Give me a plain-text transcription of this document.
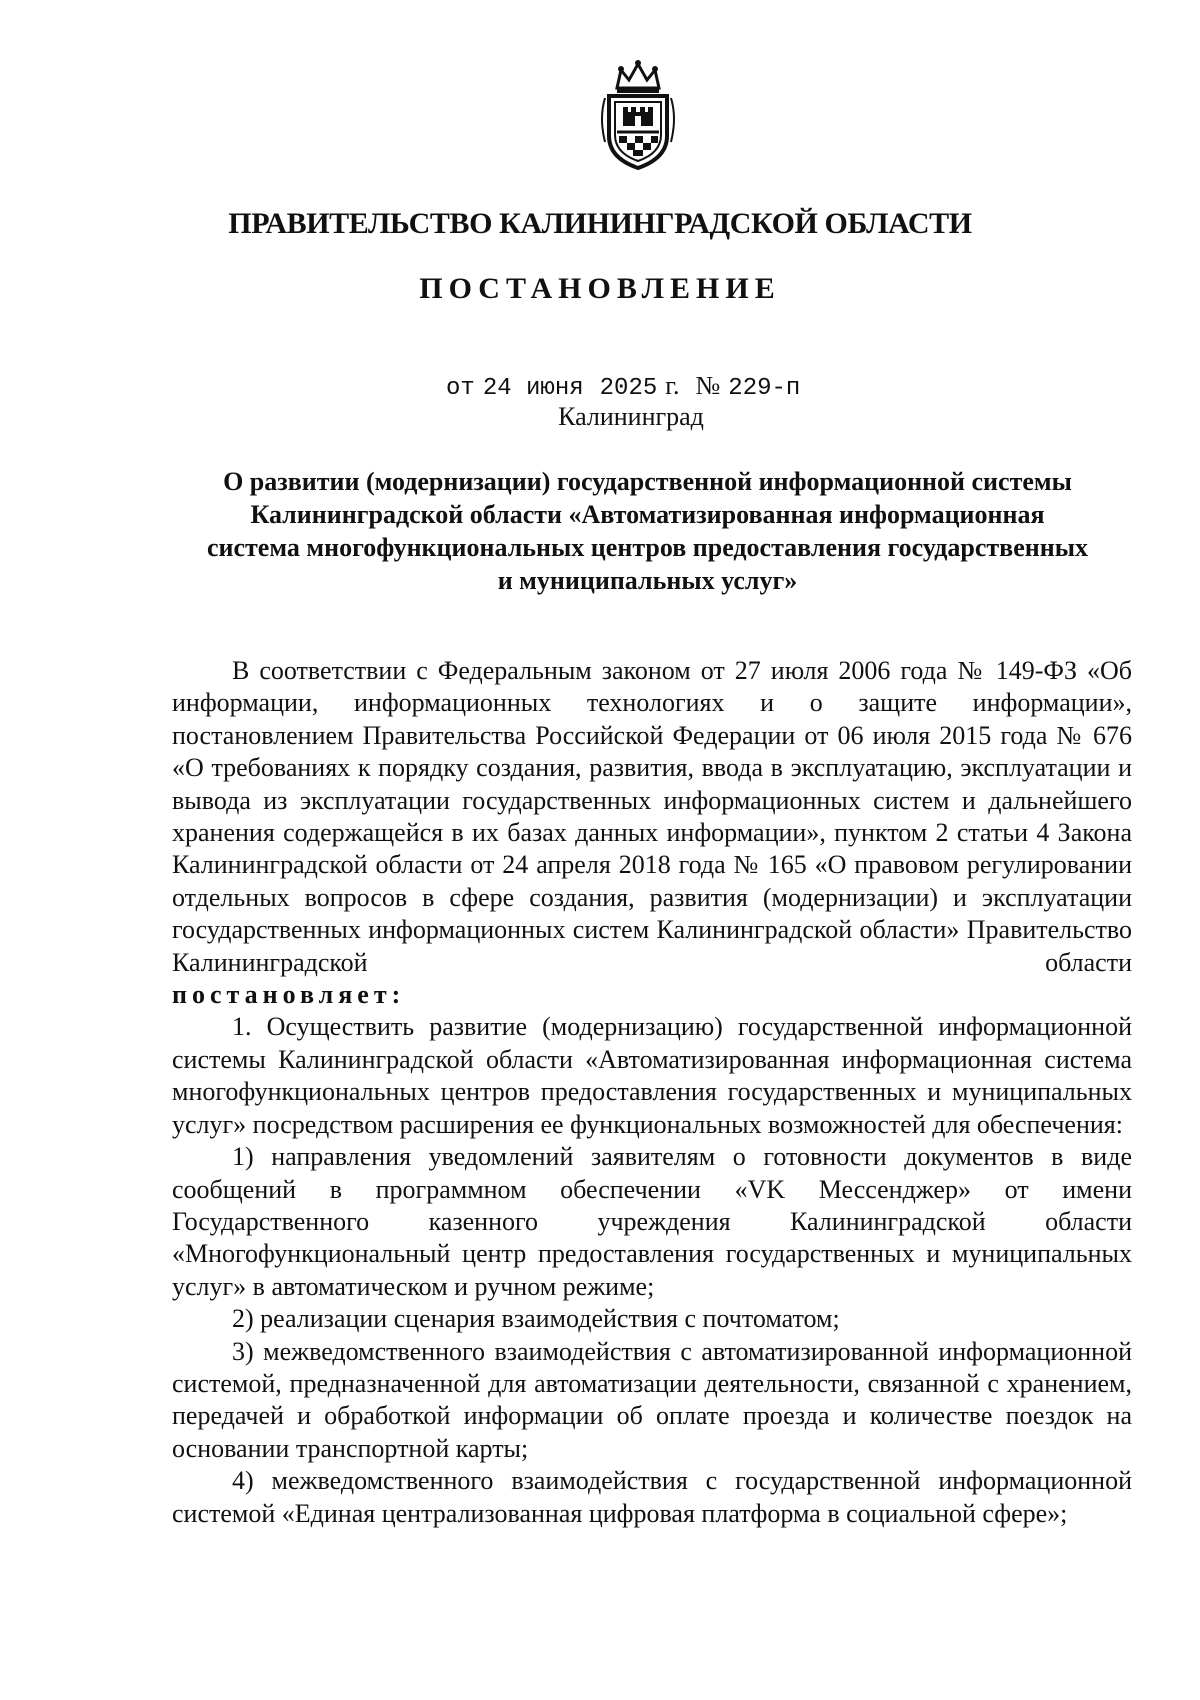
ПРАВИТЕЛЬСТВО КАЛИНИНГРАДСКОЙ ОБЛАСТИ
ПОСТАНОВЛЕНИЕ
от 24 июня 2025 г. № 229-п
Калининград
О развитии (модернизации) государственной информационной системы
Калининградской области «Автоматизированная информационная
система многофункциональных центров предоставления государственных
и муниципальных услуг»

В соответствии с Федеральным законом от 27 июля 2006 года № 149-ФЗ «Об информации, информационных технологиях и о защите информации», постановлением Правительства Российской Федерации от 06 июля 2015 года № 676 «О требованиях к порядку создания, развития, ввода в эксплуатацию, эксплуатации и вывода из эксплуатации государственных информационных систем и дальнейшего хранения содержащейся в их базах данных информации», пунктом 2 статьи 4 Закона Калининградской области от 24 апреля 2018 года № 165 «О правовом регулировании отдельных вопросов в сфере создания, развития (модернизации) и эксплуатации государственных информационных систем Калининградской области» Правительство Калининградской области

постановляет:

1. Осуществить развитие (модернизацию) государственной информационной системы Калининградской области «Автоматизированная информационная система многофункциональных центров предоставления государственных и муниципальных услуг» посредством расширения ее функциональных возможностей для обеспечения:

1) направления уведомлений заявителям о готовности документов в виде сообщений в программном обеспечении «VK Мессенджер» от имени Государственного казенного учреждения Калининградской области «Многофункциональный центр предоставления государственных и муниципальных услуг» в автоматическом и ручном режиме;

2) реализации сценария взаимодействия с почтоматом;

3) межведомственного взаимодействия с автоматизированной информационной системой, предназначенной для автоматизации деятельности, связанной с хранением, передачей и обработкой информации об оплате проезда и количестве поездок на основании транспортной карты;

4) межведомственного взаимодействия с государственной информационной системой «Единая централизованная цифровая платформа в социальной сфере»;
